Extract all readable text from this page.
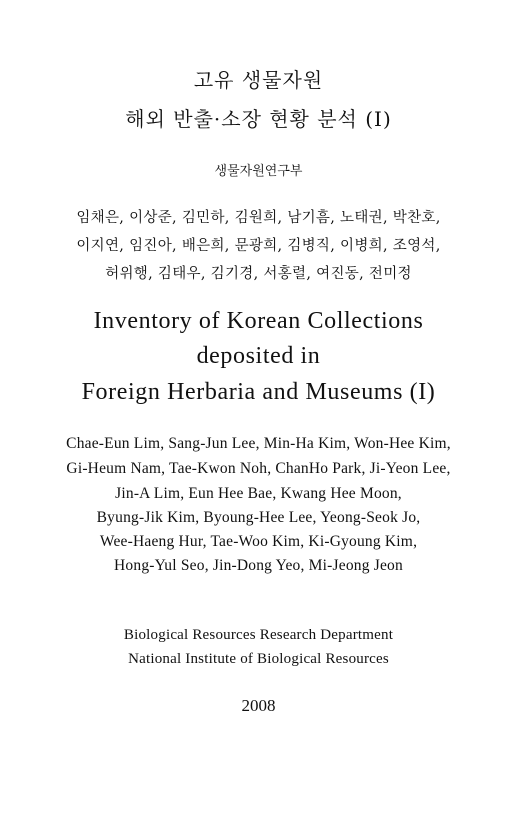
고유 생물자원
해외 반출·소장 현황 분석 (I)
생물자원연구부
임채은, 이상준, 김민하, 김원희, 남기흠, 노태권, 박찬호,
이지연, 임진아, 배은희, 문광희, 김병직, 이병희, 조영석,
허위행, 김태우, 김기경, 서홍렬, 여진동, 전미정
Inventory of Korean Collections
deposited in
Foreign Herbaria and Museums (I)
Chae-Eun Lim, Sang-Jun Lee, Min-Ha Kim, Won-Hee Kim,
Gi-Heum Nam, Tae-Kwon Noh, ChanHo Park, Ji-Yeon Lee,
Jin-A Lim, Eun Hee Bae, Kwang Hee Moon,
Byung-Jik Kim, Byoung-Hee Lee, Yeong-Seok Jo,
Wee-Haeng Hur, Tae-Woo Kim, Ki-Gyoung Kim,
Hong-Yul Seo, Jin-Dong Yeo, Mi-Jeong Jeon
Biological Resources Research Department
National Institute of Biological Resources
2008
